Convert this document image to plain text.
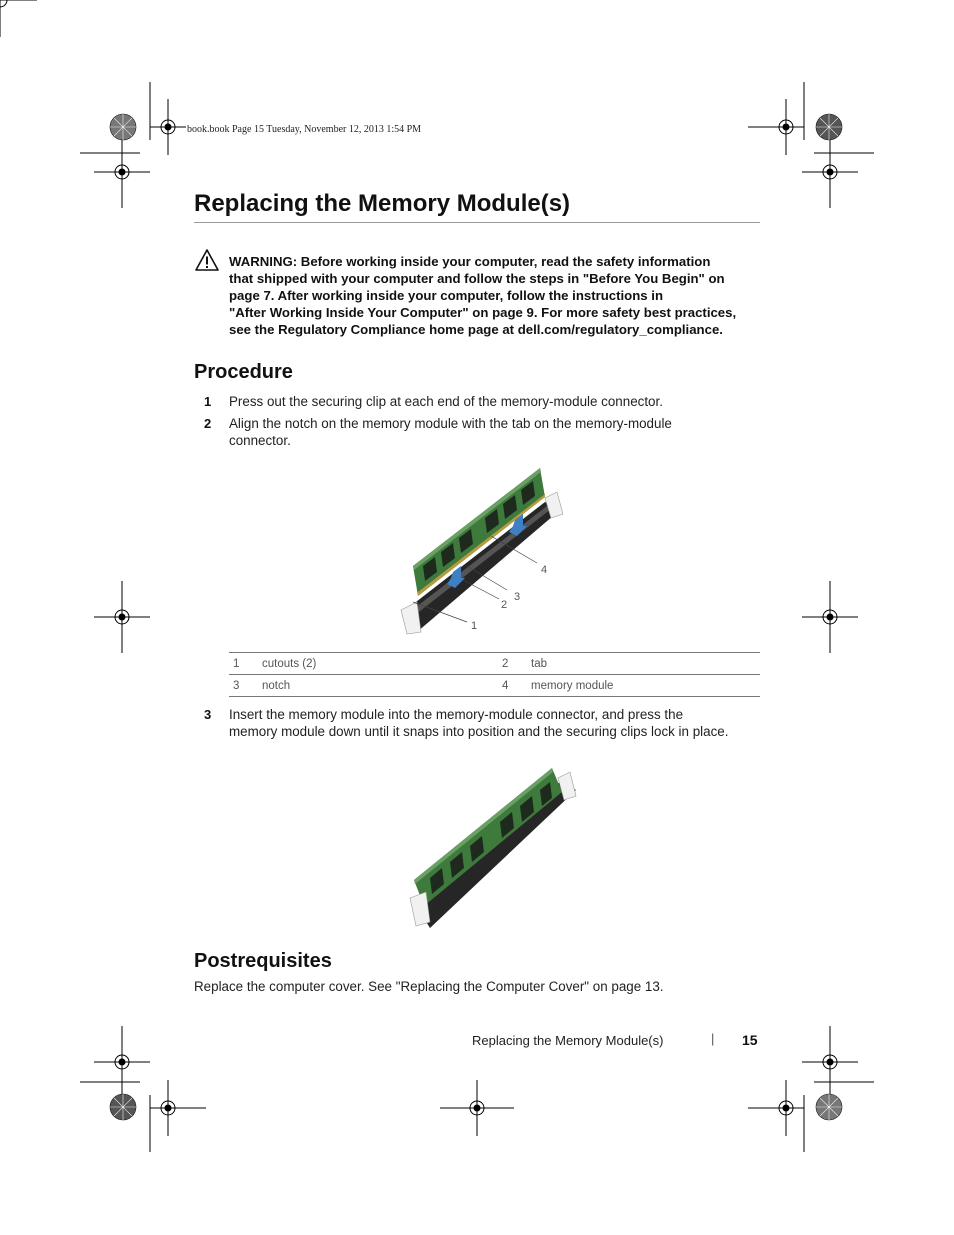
book.book Page 15 Tuesday, November 12, 2013 1:54 PM
Replacing the Memory Module(s)

WARNING: Before working inside your computer, read the safety information
that shipped with your computer and follow the steps in "Before You Begin" on
page 7. After working inside your computer, follow the instructions in
"After Working Inside Your Computer" on page 9. For more safety best practices,
see the Regulatory Compliance home page at dell.com/regulatory_compliance.

Procedure
1 Press out the securing clip at each end of the memory-module connector.

2 Align the notch on the memory module with the tab on the memory-module
connector.

1
2
3
4
1	cutouts (2)	2	tab
3	notch	4	memory module
3 Insert the memory module into the memory-module connector, and press the
memory module down until it snaps into position and the securing clips lock in place.

Postrequisites

Replace the computer cover. See "Replacing the Computer Cover" on page 13.

Replacing the Memory Module(s)	| 15
